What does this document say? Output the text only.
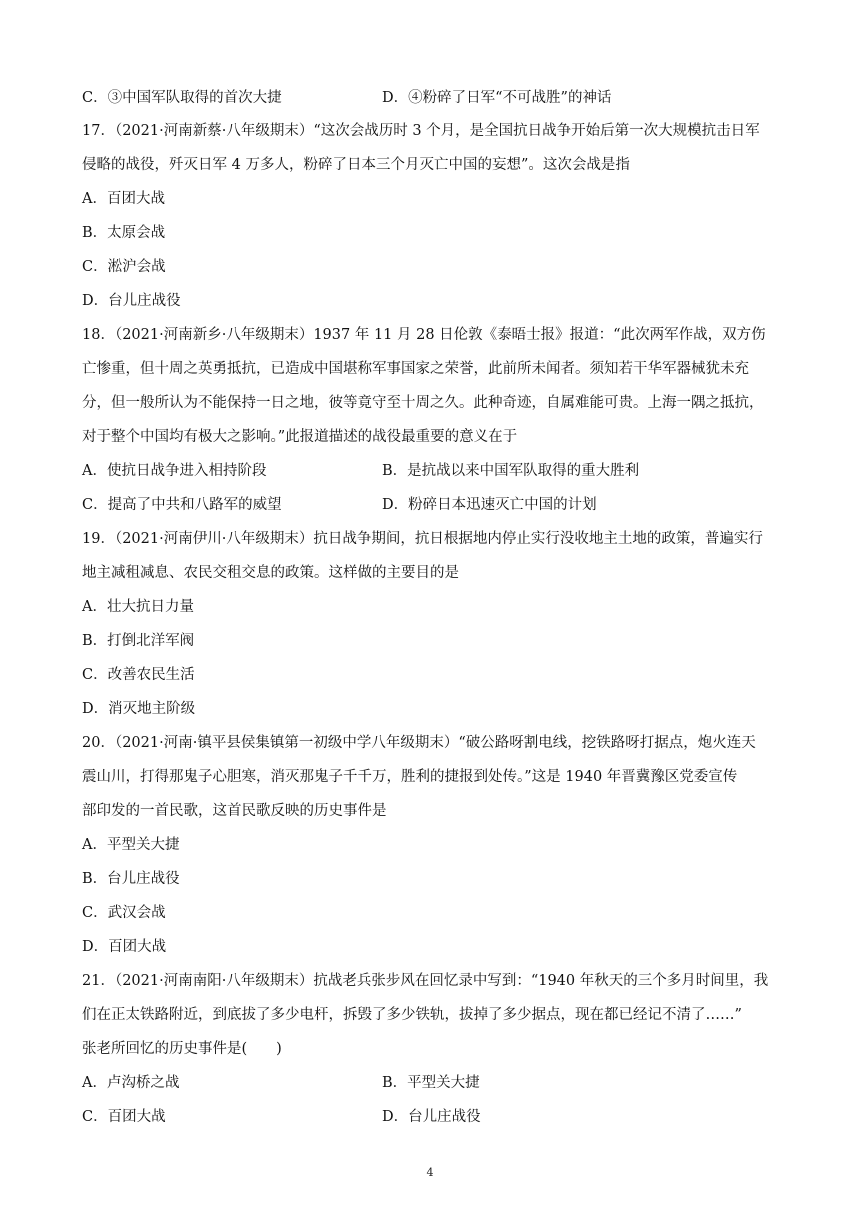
C．③中国军队取得的首次大捷	D．④粉碎了日军“不可战胜”的神话
17．（2021·河南新蔡·八年级期末）“这次会战历时 3 个月，是全国抗日战争开始后第一次大规模抗击日军
侵略的战役，歼灭日军 4 万多人，粉碎了日本三个月灭亡中国的妄想”。这次会战是指
A．百团大战
B．太原会战
C．淞沪会战
D．台儿庄战役
18．（2021·河南新乡·八年级期末）1937 年 11 月 28 日伦敦《泰晤士报》报道：“此次两军作战，双方伤
亡惨重，但十周之英勇抵抗，已造成中国堪称军事国家之荣誉，此前所未闻者。须知若干华军器械犹未充
分，但一般所认为不能保持一日之地，彼等竟守至十周之久。此种奇迹，自属难能可贵。上海一隅之抵抗，
对于整个中国均有极大之影响。”此报道描述的战役最重要的意义在于
A．使抗日战争进入相持阶段	B．是抗战以来中国军队取得的重大胜利
C．提高了中共和八路军的威望	D．粉碎日本迅速灭亡中国的计划
19．（2021·河南伊川·八年级期末）抗日战争期间，抗日根据地内停止实行没收地主土地的政策，普遍实行
地主减租减息、农民交租交息的政策。这样做的主要目的是
A．壮大抗日力量
B．打倒北洋军阀
C．改善农民生活
D．消灭地主阶级
20．（2021·河南·镇平县侯集镇第一初级中学八年级期末）“破公路呀割电线，挖铁路呀打据点，炮火连天
震山川，打得那鬼子心胆寒，消灭那鬼子千千万，胜利的捷报到处传。”这是 1940 年晋冀豫区党委宣传
部印发的一首民歌，这首民歌反映的历史事件是
A．平型关大捷
B．台儿庄战役
C．武汉会战
D．百团大战
21．（2021·河南南阳·八年级期末）抗战老兵张步风在回忆录中写到：“1940 年秋天的三个多月时间里，我
们在正太铁路附近，到底拔了多少电杆，拆毁了多少铁轨，拔掉了多少据点，现在都已经记不清了……”
张老所回忆的历史事件是(　　)
A．卢沟桥之战	B．平型关大捷
C．百团大战	D．台儿庄战役
4
